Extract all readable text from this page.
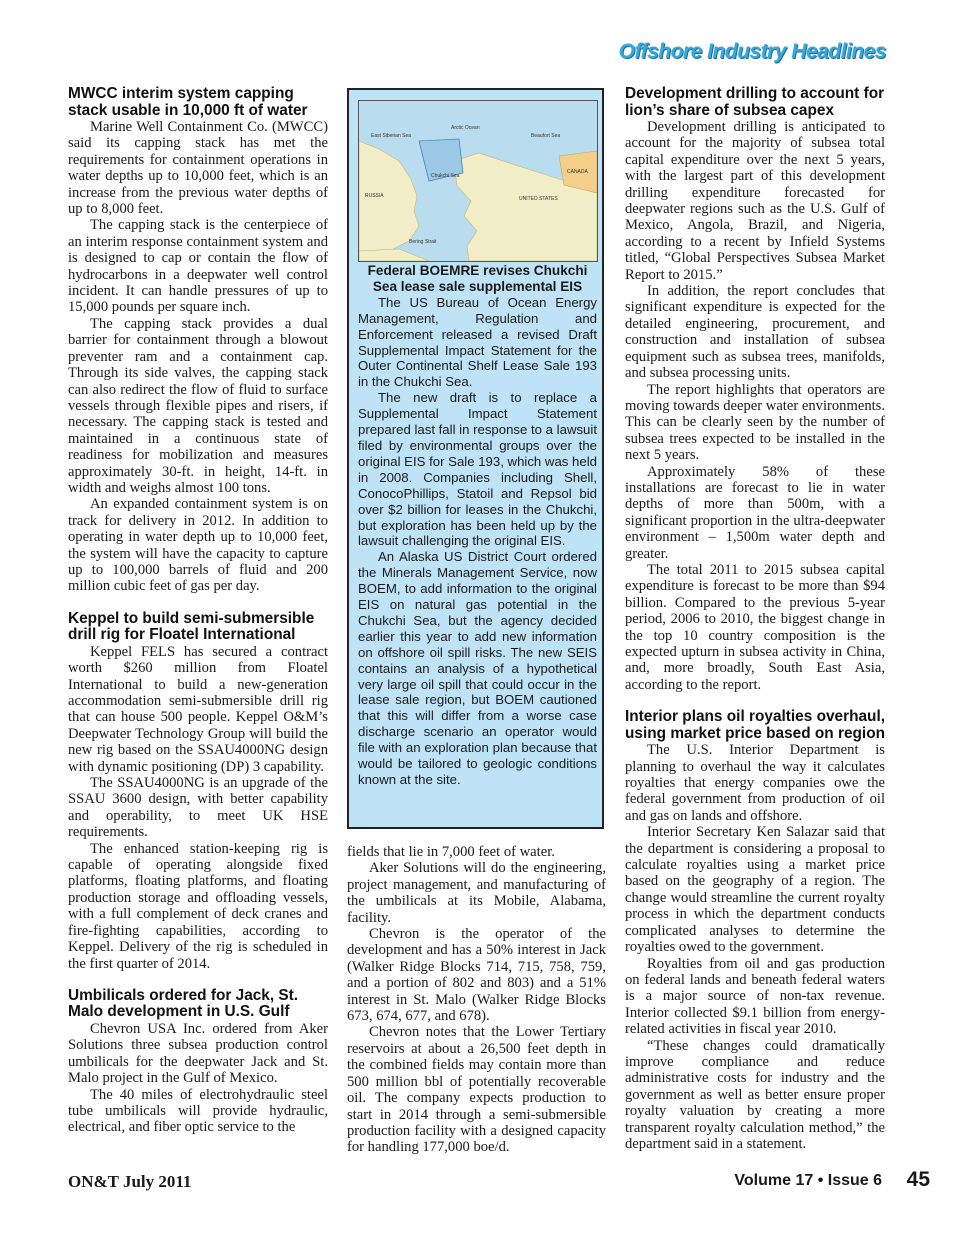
Offshore Industry Headlines
MWCC interim system capping stack usable in 10,000 ft of water

Marine Well Containment Co. (MWCC) said its capping stack has met the requirements for containment operations in water depths up to 10,000 feet, which is an increase from the previous water depths of up to 8,000 feet.

The capping stack is the centerpiece of an interim response containment system and is designed to cap or contain the flow of hydrocarbons in a deepwater well control incident. It can handle pressures of up to 15,000 pounds per square inch.

The capping stack provides a dual barrier for containment through a blowout preventer ram and a containment cap. Through its side valves, the capping stack can also redirect the flow of fluid to surface vessels through flexible pipes and risers, if necessary. The capping stack is tested and maintained in a continuous state of readiness for mobilization and measures approximately 30-ft. in height, 14-ft. in width and weighs almost 100 tons.

An expanded containment system is on track for delivery in 2012. In addition to operating in water depth up to 10,000 feet, the system will have the capacity to capture up to 100,000 barrels of fluid and 200 million cubic feet of gas per day.

Keppel to build semi-submersible drill rig for Floatel International

Keppel FELS has secured a contract worth $260 million from Floatel International to build a new-generation accommodation semi-submersible drill rig that can house 500 people. Keppel O&M’s Deepwater Technology Group will build the new rig based on the SSAU4000NG design with dynamic positioning (DP) 3 capability.

The SSAU4000NG is an upgrade of the SSAU 3600 design, with better capability and operability, to meet UK HSE requirements.

The enhanced station-keeping rig is capable of operating alongside fixed platforms, floating platforms, and floating production storage and offloading vessels, with a full complement of deck cranes and fire-fighting capabilities, according to Keppel. Delivery of the rig is scheduled in the first quarter of 2014.

Umbilicals ordered for Jack, St. Malo development in U.S. Gulf

Chevron USA Inc. ordered from Aker Solutions three subsea production control umbilicals for the deepwater Jack and St. Malo project in the Gulf of Mexico.

The 40 miles of electrohydraulic steel tube umbilicals will provide hydraulic, electrical, and fiber optic service to the

Arctic Ocean
East Siberian Sea	Beaufort Sea
Chukchi Sea
RUSSIA	UNITED STATES
CANADA
Bering Strait
Federal BOEMRE revises Chukchi Sea lease sale supplemental EIS

The US Bureau of Ocean Energy Management, Regulation and Enforcement released a revised Draft Supplemental Impact Statement for the Outer Continental Shelf Lease Sale 193 in the Chukchi Sea.

The new draft is to replace a Supplemental Impact Statement prepared last fall in response to a lawsuit filed by environmental groups over the original EIS for Sale 193, which was held in 2008. Companies including Shell, ConocoPhillips, Statoil and Repsol bid over $2 billion for leases in the Chukchi, but exploration has been held up by the lawsuit challenging the original EIS.

An Alaska US District Court ordered the Minerals Management Service, now BOEM, to add information to the original EIS on natural gas potential in the Chukchi Sea, but the agency decided earlier this year to add new information on offshore oil spill risks. The new SEIS contains an analysis of a hypothetical very large oil spill that could occur in the lease sale region, but BOEM cautioned that this will differ from a worse case discharge scenario an operator would file with an exploration plan because that would be tailored to geologic conditions known at the site.

fields that lie in 7,000 feet of water.

Aker Solutions will do the engineering, project management, and manufacturing of the umbilicals at its Mobile, Alabama, facility.

Chevron is the operator of the development and has a 50% interest in Jack (Walker Ridge Blocks 714, 715, 758, 759, and a portion of 802 and 803) and a 51% interest in St. Malo (Walker Ridge Blocks 673, 674, 677, and 678).

Chevron notes that the Lower Tertiary reservoirs at about a 26,500 feet depth in the combined fields may contain more than 500 million bbl of potentially recoverable oil. The company expects production to start in 2014 through a semi-submersible production facility with a designed capacity for handling 177,000 boe/d.

Development drilling to account for lion’s share of subsea capex

Development drilling is anticipated to account for the majority of subsea total capital expenditure over the next 5 years, with the largest part of this development drilling expenditure forecasted for deepwater regions such as the U.S. Gulf of Mexico, Angola, Brazil, and Nigeria, according to a recent by Infield Systems titled, “Global Perspectives Subsea Market Report to 2015.”

In addition, the report concludes that significant expenditure is expected for the detailed engineering, procurement, and construction and installation of subsea equipment such as subsea trees, manifolds, and subsea processing units.

The report highlights that operators are moving towards deeper water environments. This can be clearly seen by the number of subsea trees expected to be installed in the next 5 years.

Approximately 58% of these installations are forecast to lie in water depths of more than 500m, with a significant proportion in the ultra-deepwater environment – 1,500m water depth and greater.

The total 2011 to 2015 subsea capital expenditure is forecast to be more than $94 billion. Compared to the previous 5-year period, 2006 to 2010, the biggest change in the top 10 country composition is the expected upturn in subsea activity in China, and, more broadly, South East Asia, according to the report.

Interior plans oil royalties overhaul, using market price based on region

The U.S. Interior Department is planning to overhaul the way it calculates royalties that energy companies owe the federal government from production of oil and gas on lands and offshore.

Interior Secretary Ken Salazar said that the department is considering a proposal to calculate royalties using a market price based on the geography of a region. The change would streamline the current royalty process in which the department conducts complicated analyses to determine the royalties owed to the government.

Royalties from oil and gas production on federal lands and beneath federal waters is a major source of non-tax revenue. Interior collected $9.1 billion from energy-related activities in fiscal year 2010.

“These changes could dramatically improve compliance and reduce administrative costs for industry and the government as well as better ensure proper royalty valuation by creating a more transparent royalty calculation method,” the department said in a statement.

ON&T July 2011	Volume 17 • Issue 6 45
